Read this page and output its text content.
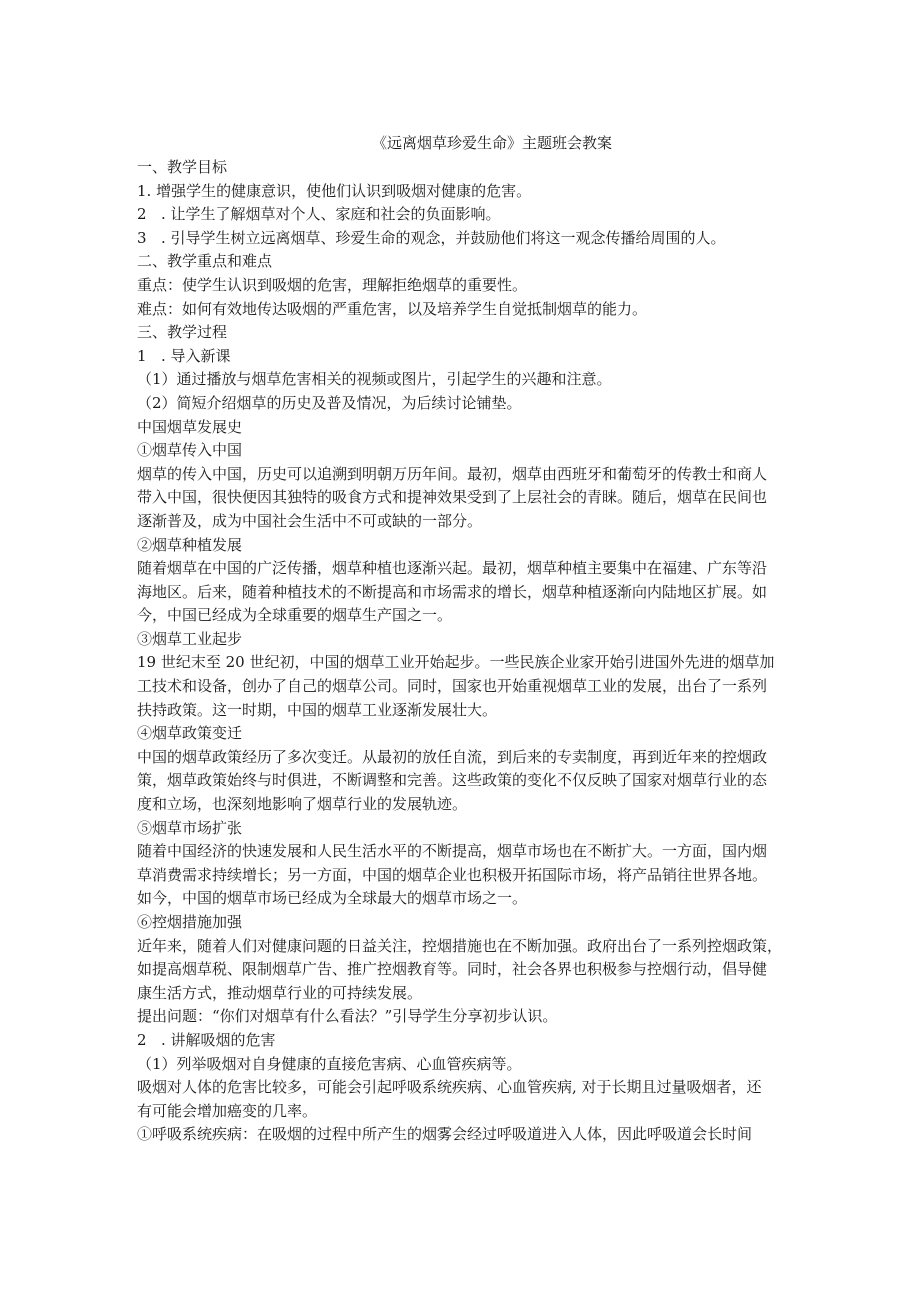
《远离烟草珍爱生命》主题班会教案

一、教学目标

1. 增强学生的健康意识，使他们认识到吸烟对健康的危害。

2 . 让学生了解烟草对个人、家庭和社会的负面影响。

3 . 引导学生树立远离烟草、珍爱生命的观念，并鼓励他们将这一观念传播给周围的人。

二、教学重点和难点

重点：使学生认识到吸烟的危害，理解拒绝烟草的重要性。

难点：如何有效地传达吸烟的严重危害，以及培养学生自觉抵制烟草的能力。

三、教学过程

1 . 导入新课

（1）通过播放与烟草危害相关的视频或图片，引起学生的兴趣和注意。

（2）简短介绍烟草的历史及普及情况，为后续讨论铺垫。

中国烟草发展史

①烟草传入中国

烟草的传入中国，历史可以追溯到明朝万历年间。最初，烟草由西班牙和葡萄牙的传教士和商人

带入中国，很快便因其独特的吸食方式和提神效果受到了上层社会的青睐。随后，烟草在民间也

逐渐普及，成为中国社会生活中不可或缺的一部分。

②烟草种植发展

随着烟草在中国的广泛传播，烟草种植也逐渐兴起。最初，烟草种植主要集中在福建、广东等沿

海地区。后来，随着种植技术的不断提高和市场需求的增长，烟草种植逐渐向内陆地区扩展。如

今，中国已经成为全球重要的烟草生产国之一。

③烟草工业起步

19 世纪末至 20 世纪初，中国的烟草工业开始起步。一些民族企业家开始引进国外先进的烟草加

工技术和设备，创办了自己的烟草公司。同时，国家也开始重视烟草工业的发展，出台了一系列

扶持政策。这一时期，中国的烟草工业逐渐发展壮大。

④烟草政策变迁

中国的烟草政策经历了多次变迁。从最初的放任自流，到后来的专卖制度，再到近年来的控烟政

策，烟草政策始终与时俱进，不断调整和完善。这些政策的变化不仅反映了国家对烟草行业的态

度和立场，也深刻地影响了烟草行业的发展轨迹。

⑤烟草市场扩张

随着中国经济的快速发展和人民生活水平的不断提高，烟草市场也在不断扩大。一方面，国内烟

草消费需求持续增长；另一方面，中国的烟草企业也积极开拓国际市场，将产品销往世界各地。

如今，中国的烟草市场已经成为全球最大的烟草市场之一。

⑥控烟措施加强

近年来，随着人们对健康问题的日益关注，控烟措施也在不断加强。政府出台了一系列控烟政策，

如提高烟草税、限制烟草广告、推广控烟教育等。同时，社会各界也积极参与控烟行动，倡导健

康生活方式，推动烟草行业的可持续发展。

提出问题：“你们对烟草有什么看法？”引导学生分享初步认识。

2 . 讲解吸烟的危害

（1）列举吸烟对自身健康的直接危害病、心血管疾病等。

吸烟对人体的危害比较多，可能会引起呼吸系统疾病、心血管疾病, 对于长期且过量吸烟者，还

有可能会增加癌变的几率。

①呼吸系统疾病：在吸烟的过程中所产生的烟雾会经过呼吸道进入人体，因此呼吸道会长时间
